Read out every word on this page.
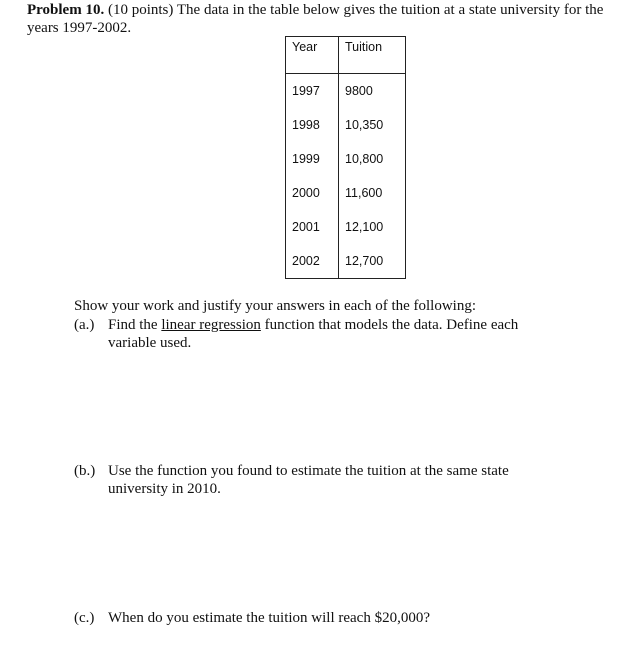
Problem 10. (10 points) The data in the table below gives the tuition at a state university for the years 1997-2002.
Year	Tuition
1997	9800
1998	10,350
1999	10,800
2000	11,600
2001	12,100
2002	12,700
Show your work and justify your answers in each of the following:
(a.) Find the linear regression function that models the data. Define each variable used.
(b.) Use the function you found to estimate the tuition at the same state university in 2010.
(c.) When do you estimate the tuition will reach $20,000?
